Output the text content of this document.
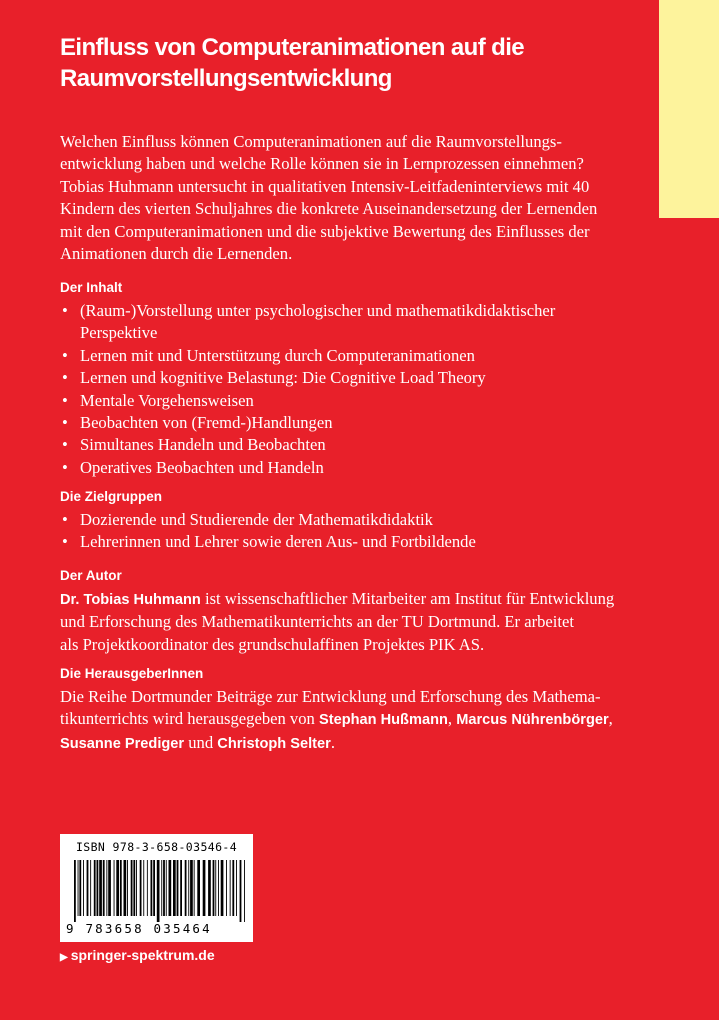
Einfluss von Computeranimationen auf die
Raumvorstellungsentwicklung
Welchen Einfluss können Computeranimationen auf die Raumvorstellungs-
entwicklung haben und welche Rolle können sie in Lernprozessen einnehmen?
Tobias Huhmann untersucht in qualitativen Intensiv-Leitfadeninterviews mit 40
Kindern des vierten Schuljahres die konkrete Auseinandersetzung der Lernenden
mit den Computeranimationen und die subjektive Bewertung des Einflusses der
Animationen durch die Lernenden.
Der Inhalt
• (Raum-)Vorstellung unter psychologischer und mathematikdidaktischer
Perspektive
• Lernen mit und Unterstützung durch Computeranimationen
• Lernen und kognitive Belastung: Die Cognitive Load Theory
• Mentale Vorgehensweisen
• Beobachten von (Fremd-)Handlungen
• Simultanes Handeln und Beobachten
• Operatives Beobachten und Handeln
Die Zielgruppen
• Dozierende und Studierende der Mathematikdidaktik
• Lehrerinnen und Lehrer sowie deren Aus- und Fortbildende
Der Autor
Dr. Tobias Huhmann ist wissenschaftlicher Mitarbeiter am Institut für Entwicklung
und Erforschung des Mathematikunterrichts an der TU Dortmund. Er arbeitet
als Projektkoordinator des grundschulaffinen Projektes PIK AS.
Die HerausgeberInnen
Die Reihe Dortmunder Beiträge zur Entwicklung und Erforschung des Mathema-
tikunterrichts wird herausgegeben von Stephan Hußmann, Marcus Nührenbörger,
Susanne Prediger und Christoph Selter.
ISBN 978-3-658-03546-4
9 783658 035464
▶ springer-spektrum.de
